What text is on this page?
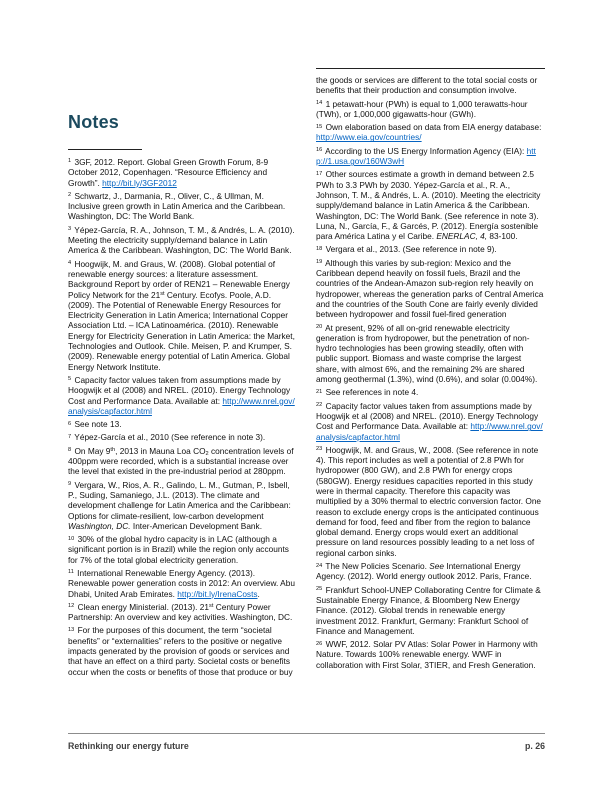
Notes

$^1$ 3GF, 2012. Report. Global Green Growth Forum, 8-9 October 2012, Copenhagen. “Resource Efficiency and Growth”. http://bit.ly/3GF2012

$^2$ Schwartz, J., Darmania, R., Oliver, C., & Ullman, M. Inclusive green growth in Latin America and the Caribbean. Washington, DC: The World Bank.

$^3$ Yépez-García, R. A., Johnson, T. M., & Andrés, L. A. (2010). Meeting the electricity supply/demand balance in Latin America & the Caribbean. Washington, DC: The World Bank.

$^4$ Hoogwijk, M. and Graus, W. (2008). Global potential of renewable energy sources: a literature assessment. Background Report by order of REN21 – Renewable Energy Policy Network for the 21st Century. Ecofys. Poole, A.D. (2009). The Potential of Renewable Energy Resources for Electricity Generation in Latin America; International Copper Association Ltd. – ICA Latinoamérica. (2010). Renewable Energy for Electricity Generation in Latin America: the Market, Technologies and Outlook. Chile. Meisen, P. and Krumper, S. (2009). Renewable energy potential of Latin America. Global Energy Network Institute.

$^5$ Capacity factor values taken from assumptions made by Hoogwijk et al (2008) and NREL. (2010). Energy Technology Cost and Performance Data. Available at: http://www.nrel.gov/analysis/capfactor.html

$^6$ See note 13.

$^7$ Yépez-García et al., 2010 (See reference in note 3).

$^8$ On May 9th, 2013 in Mauna Loa $CO_2$ concentration levels of 400ppm were recorded, which is a substantial increase over the level that existed in the pre-industrial period at 280ppm.

$^9$ Vergara, W., Rios, A. R., Galindo, L. M., Gutman, P., Isbell, P., Suding, Samaniego, J.L. (2013). The climate and development challenge for Latin America and the Caribbean: Options for climate-resilient, low-carbon development Washington, DC. Inter-American Development Bank.

$^{10}$ 30% of the global hydro capacity is in LAC (although a significant portion is in Brazil) while the region only accounts for 7% of the total global electricity generation.

$^{11}$ International Renewable Energy Agency. (2013). Renewable power generation costs in 2012: An overview. Abu Dhabi, United Arab Emirates. http://bit.ly/IrenaCosts.

$^{12}$ Clean energy Ministerial. (2013). 21st Century Power Partnership: An overview and key activities. Washington, DC.

$^{13}$ For the purposes of this document, the term “societal benefits” or “externalities” refers to the positive or negative impacts generated by the provision of goods or services and that have an effect on a third party. Societal costs or benefits occur when the costs or benefits of those that produce or buy

the goods or services are different to the total social costs or benefits that their production and consumption involve.

$^{14}$ 1 petawatt-hour (PWh) is equal to 1,000 terawatts-hour (TWh), or 1,000,000 gigawatts-hour (GWh).

$^{15}$ Own elaboration based on data from EIA energy database: http://www.eia.gov/countries/

$^{16}$ According to the US Energy Information Agency (EIA): http://1.usa.gov/160W3wH

$^{17}$ Other sources estimate a growth in demand between 2.5 PWh to 3.3 PWh by 2030. Yépez-García et al., R. A., Johnson, T. M., & Andrés, L. A. (2010). Meeting the electricity supply/demand balance in Latin America & the Caribbean. Washington, DC: The World Bank. (See reference in note 3). Luna, N., García, F., & Garcés, P. (2012). Energía sostenible para América Latina y el Caribe. ENERLAC, 4, 83-100.

$^{18}$ Vergara et al., 2013. (See reference in note 9).

$^{19}$ Although this varies by sub-region: Mexico and the Caribbean depend heavily on fossil fuels, Brazil and the countries of the Andean-Amazon sub-region rely heavily on hydropower, whereas the generation parks of Central America and the countries of the South Cone are fairly evenly divided between hydropower and fossil fuel-fired generation

$^{20}$ At present, 92% of all on-grid renewable electricity generation is from hydropower, but the penetration of non-hydro technologies has been growing steadily, often with public support. Biomass and waste comprise the largest share, with almost 6%, and the remaining 2% are shared among geothermal (1.3%), wind (0.6%), and solar (0.004%).

$^{21}$ See references in note 4.

$^{22}$ Capacity factor values taken from assumptions made by Hoogwijk et al (2008) and NREL. (2010). Energy Technology Cost and Performance Data. Available at: http://www.nrel.gov/analysis/capfactor.html

$^{23}$ Hoogwijk, M. and Graus, W., 2008. (See reference in note 4). This report includes as well a potential of 2.8 PWh for hydropower (800 GW), and 2.8 PWh for energy crops (580GW). Energy residues capacities reported in this study were in thermal capacity. Therefore this capacity was multiplied by a 30% thermal to electric conversion factor. One reason to exclude energy crops is the anticipated continuous demand for food, feed and fiber from the region to balance global demand. Energy crops would exert an additional pressure on land resources possibly leading to a net loss of regional carbon sinks.

$^{24}$ The New Policies Scenario. See International Energy Agency. (2012). World energy outlook 2012. Paris, France.

$^{25}$ Frankfurt School-UNEP Collaborating Centre for Climate & Sustainable Energy Finance, & Bloomberg New Energy Finance. (2012). Global trends in renewable energy investment 2012. Frankfurt, Germany: Frankfurt School of Finance and Management.

$^{26}$ WWF, 2012. Solar PV Atlas: Solar Power in Harmony with Nature. Towards 100% renewable energy. WWF in collaboration with First Solar, 3TIER, and Fresh Generation.

Rethinking our energy future	p. 26
